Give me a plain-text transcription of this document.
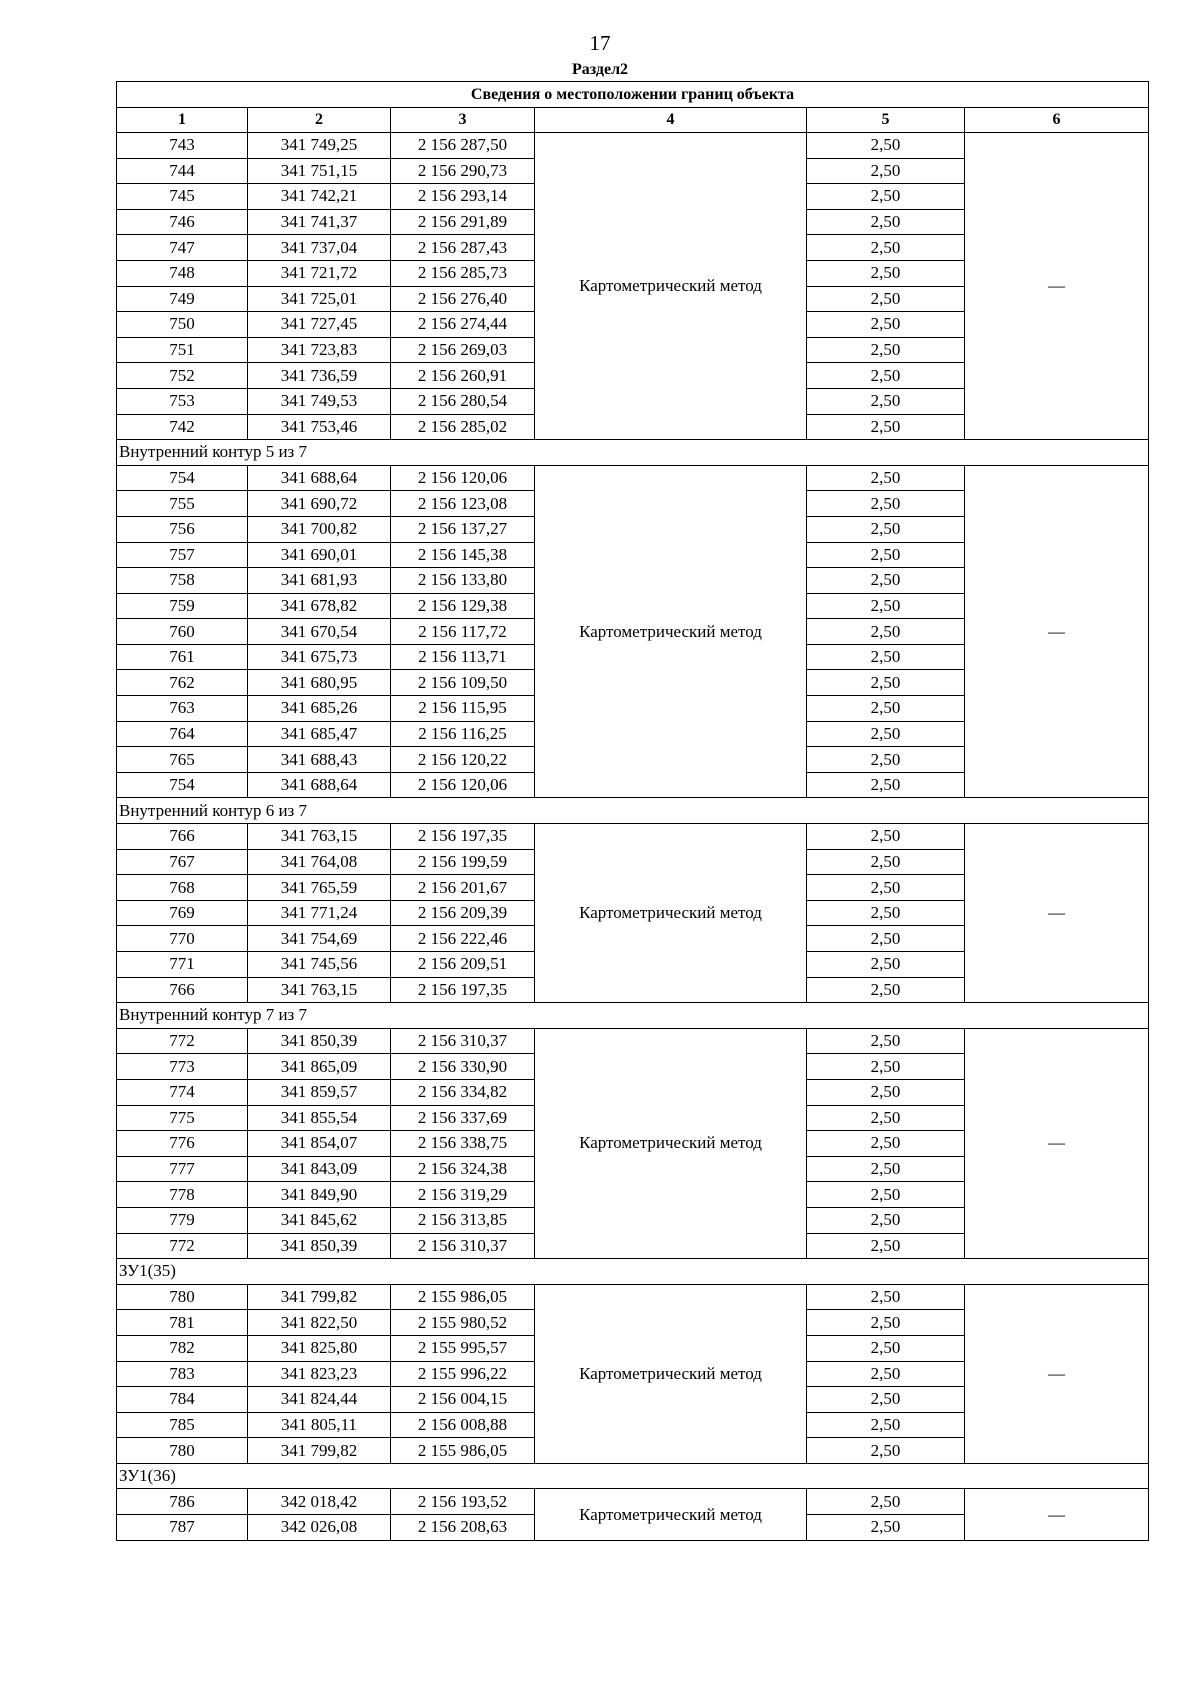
17
Раздел2
Сведения о местоположении границ объекта					
1	2	3	4	5	6
743	341 749,25	2 156 287,50	Картометрический метод	2,50	—
744	341 751,15	2 156 290,73		2,50	
745	341 742,21	2 156 293,14		2,50	
746	341 741,37	2 156 291,89		2,50	
747	341 737,04	2 156 287,43		2,50	
748	341 721,72	2 156 285,73		2,50	
749	341 725,01	2 156 276,40		2,50	
750	341 727,45	2 156 274,44		2,50	
751	341 723,83	2 156 269,03		2,50	
752	341 736,59	2 156 260,91		2,50	
753	341 749,53	2 156 280,54		2,50	
742	341 753,46	2 156 285,02		2,50	
Внутренний контур 5 из 7					
754	341 688,64	2 156 120,06	Картометрический метод	2,50	—
755	341 690,72	2 156 123,08		2,50	
756	341 700,82	2 156 137,27		2,50	
757	341 690,01	2 156 145,38		2,50	
758	341 681,93	2 156 133,80		2,50	
759	341 678,82	2 156 129,38		2,50	
760	341 670,54	2 156 117,72		2,50	
761	341 675,73	2 156 113,71		2,50	
762	341 680,95	2 156 109,50		2,50	
763	341 685,26	2 156 115,95		2,50	
764	341 685,47	2 156 116,25		2,50	
765	341 688,43	2 156 120,22		2,50	
754	341 688,64	2 156 120,06		2,50	
Внутренний контур 6 из 7					
766	341 763,15	2 156 197,35	Картометрический метод	2,50	—
767	341 764,08	2 156 199,59		2,50	
768	341 765,59	2 156 201,67		2,50	
769	341 771,24	2 156 209,39		2,50	
770	341 754,69	2 156 222,46		2,50	
771	341 745,56	2 156 209,51		2,50	
766	341 763,15	2 156 197,35		2,50	
Внутренний контур 7 из 7					
772	341 850,39	2 156 310,37	Картометрический метод	2,50	—
773	341 865,09	2 156 330,90		2,50	
774	341 859,57	2 156 334,82		2,50	
775	341 855,54	2 156 337,69		2,50	
776	341 854,07	2 156 338,75		2,50	
777	341 843,09	2 156 324,38		2,50	
778	341 849,90	2 156 319,29		2,50	
779	341 845,62	2 156 313,85		2,50	
772	341 850,39	2 156 310,37		2,50	
ЗУ1(35)					
780	341 799,82	2 155 986,05	Картометрический метод	2,50	—
781	341 822,50	2 155 980,52		2,50	
782	341 825,80	2 155 995,57		2,50	
783	341 823,23	2 155 996,22		2,50	
784	341 824,44	2 156 004,15		2,50	
785	341 805,11	2 156 008,88		2,50	
780	341 799,82	2 155 986,05		2,50	
ЗУ1(36)					
786	342 018,42	2 156 193,52	Картометрический метод	2,50	—
787	342 026,08	2 156 208,63		2,50	
